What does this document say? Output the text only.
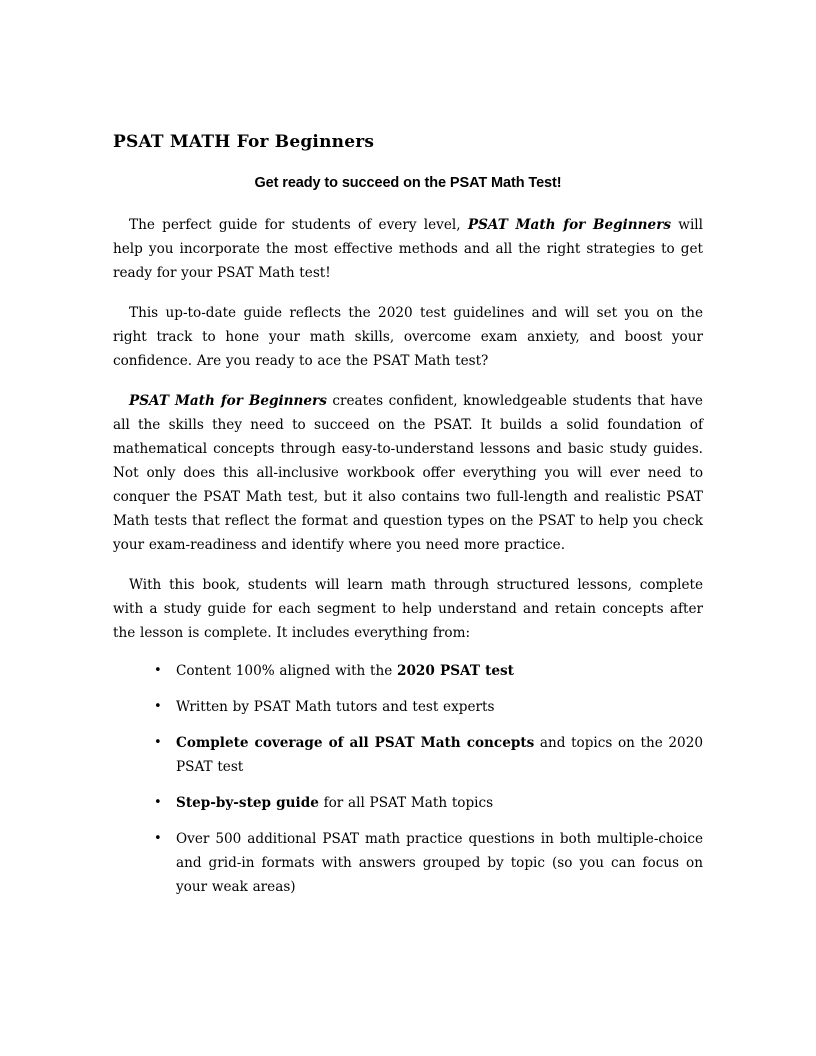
PSAT MATH For Beginners

Get ready to succeed on the PSAT Math Test!

The perfect guide for students of every level, PSAT Math for Beginners will help you incorporate the most effective methods and all the right strategies to get ready for your PSAT Math test!

This up-to-date guide reflects the 2020 test guidelines and will set you on the right track to hone your math skills, overcome exam anxiety, and boost your confidence. Are you ready to ace the PSAT Math test?

PSAT Math for Beginners creates confident, knowledgeable students that have all the skills they need to succeed on the PSAT. It builds a solid foundation of mathematical concepts through easy-to-understand lessons and basic study guides. Not only does this all-inclusive workbook offer everything you will ever need to conquer the PSAT Math test, but it also contains two full-length and realistic PSAT Math tests that reflect the format and question types on the PSAT to help you check your exam-readiness and identify where you need more practice.

With this book, students will learn math through structured lessons, complete with a study guide for each segment to help understand and retain concepts after the lesson is complete. It includes everything from:

• Content 100% aligned with the 2020 PSAT test
• Written by PSAT Math tutors and test experts
• Complete coverage of all PSAT Math concepts and topics on the 2020 PSAT test
• Step-by-step guide for all PSAT Math topics
• Over 500 additional PSAT math practice questions in both multiple-choice and grid-in formats with answers grouped by topic (so you can focus on your weak areas)
